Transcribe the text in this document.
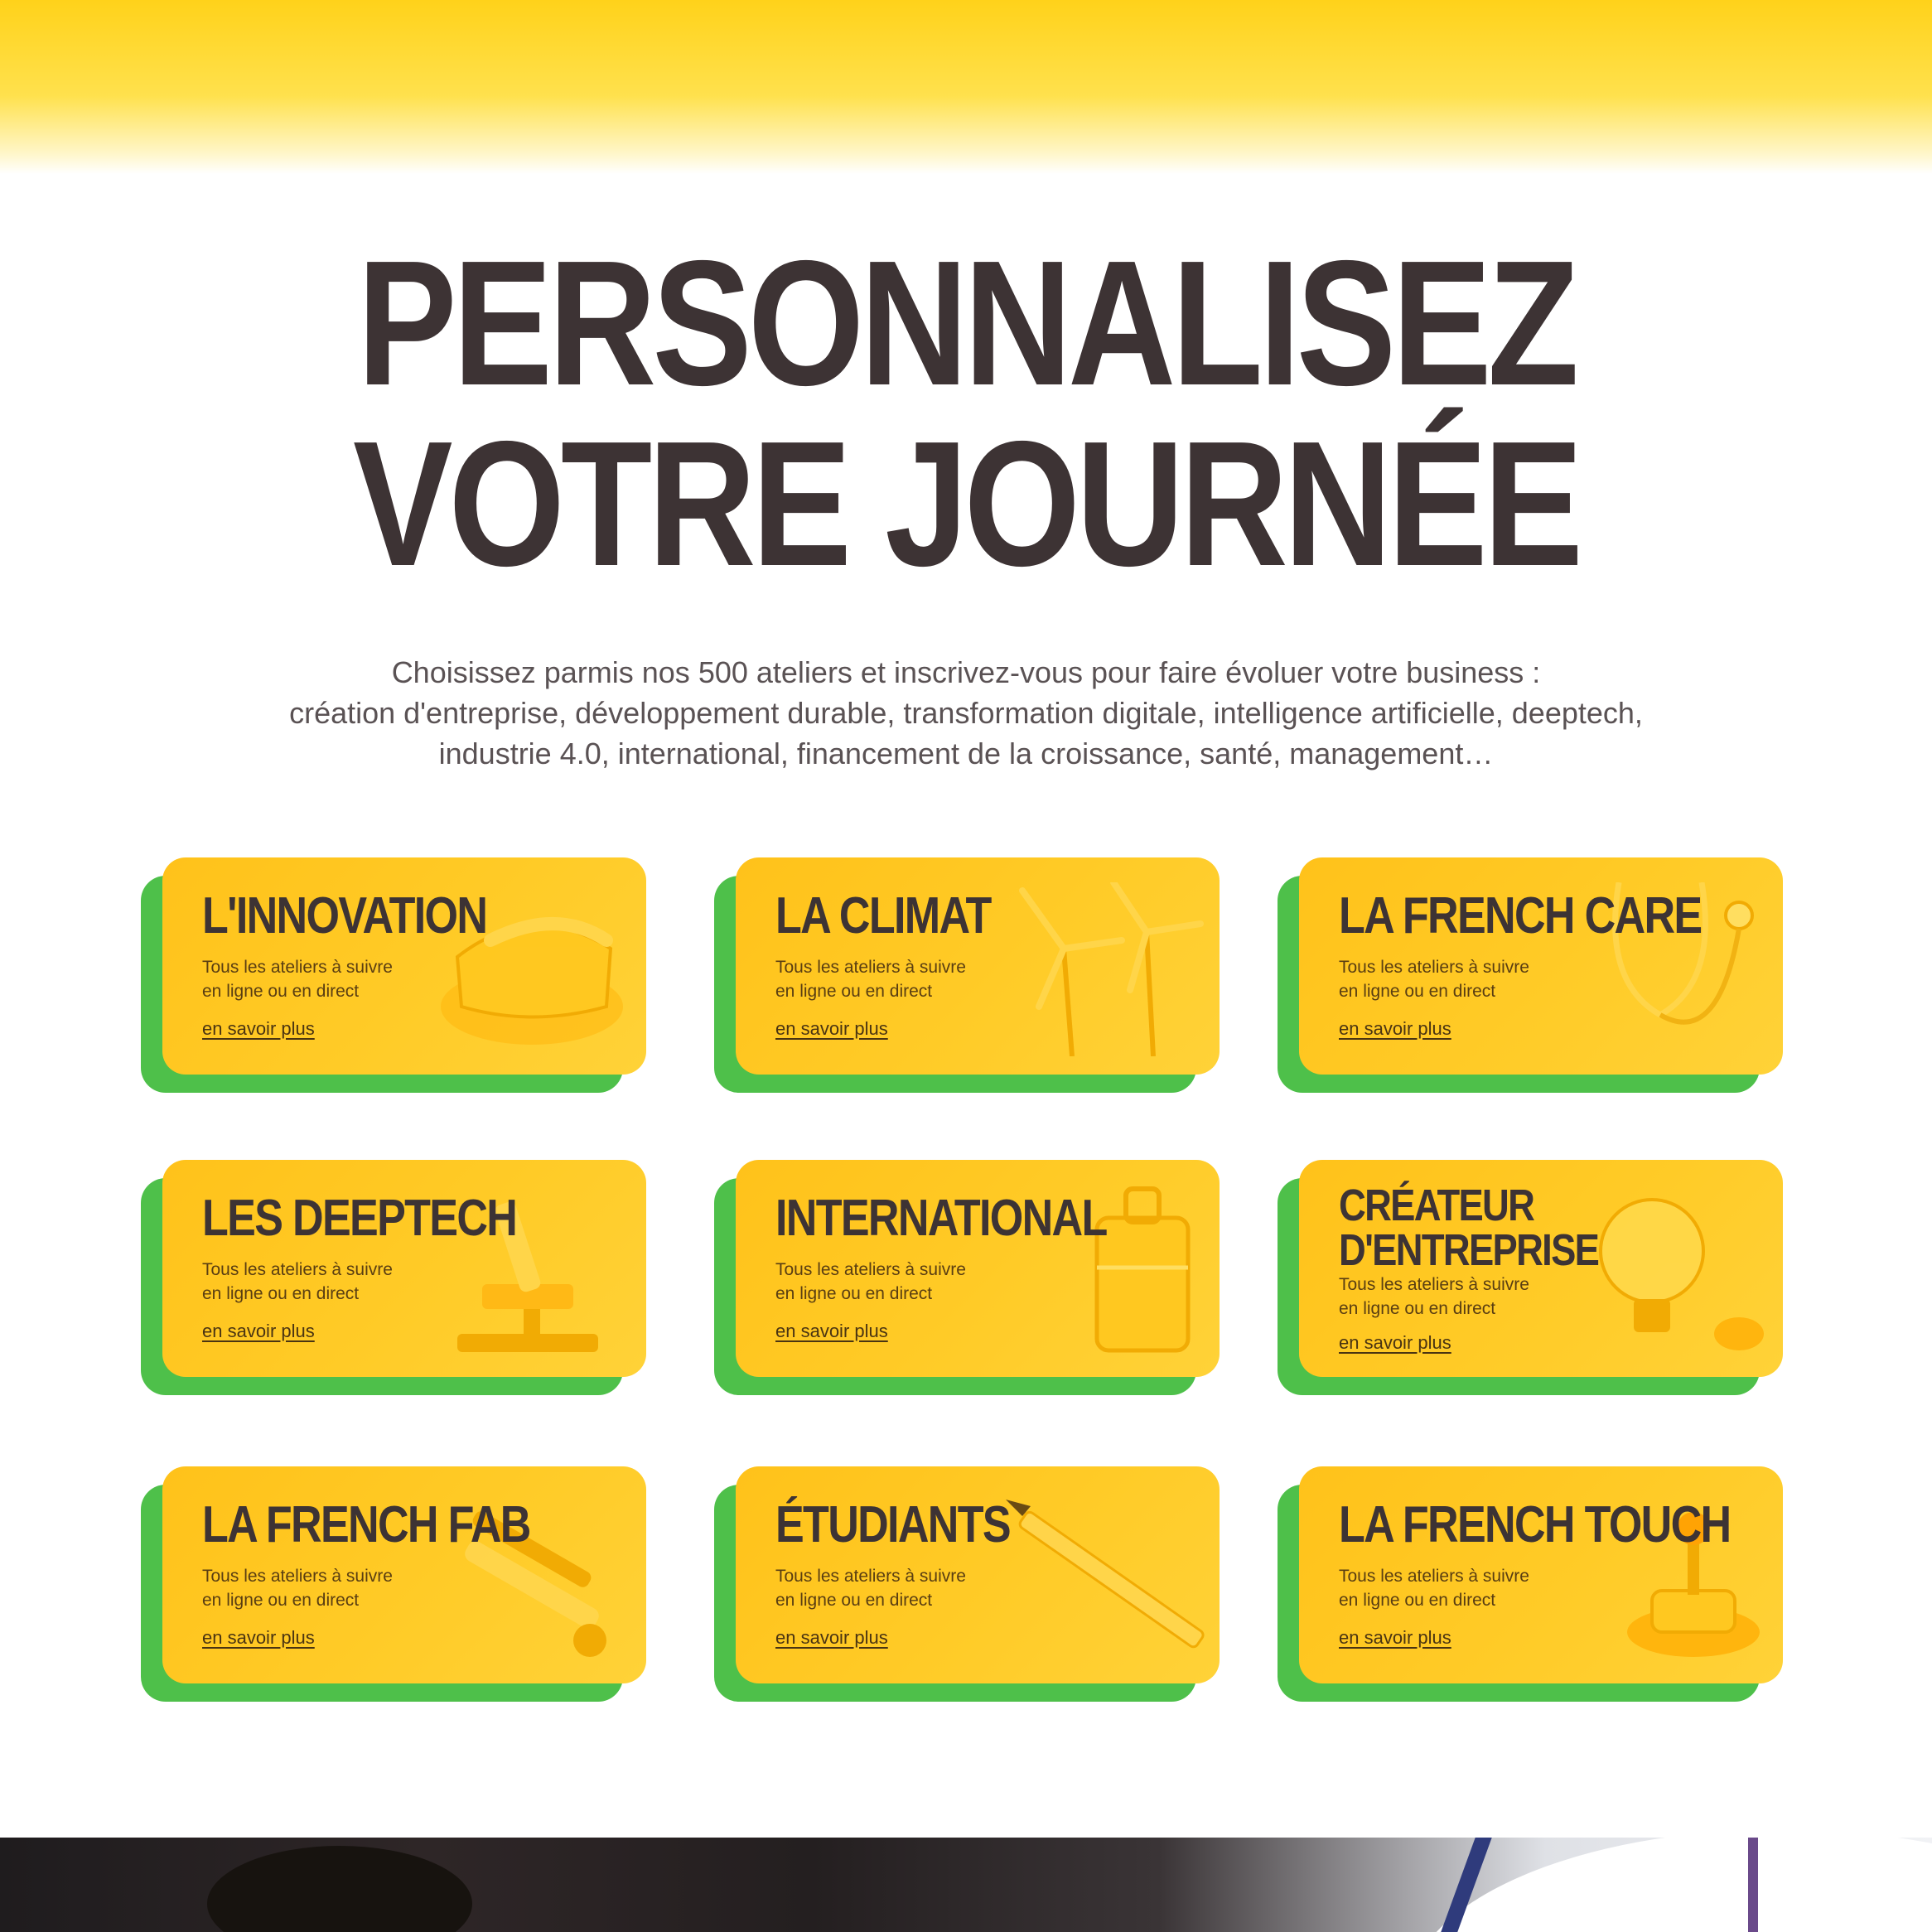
PERSONNALISEZ
VOTRE JOURNÉE

Choisissez parmis nos 500 ateliers et inscrivez-vous pour faire évoluer votre business :

création d'entreprise, développement durable, transformation digitale, intelligence artificielle, deeptech,

industrie 4.0, international, financement de la croissance, santé, management…

L'INNOVATION
Tous les ateliers à suivre
en ligne ou en direct
en savoir plus
LA CLIMAT
Tous les ateliers à suivre
en ligne ou en direct
en savoir plus
LA FRENCH CARE
Tous les ateliers à suivre
en ligne ou en direct
en savoir plus
LES DEEPTECH
Tous les ateliers à suivre
en ligne ou en direct
en savoir plus
INTERNATIONAL
Tous les ateliers à suivre
en ligne ou en direct
en savoir plus
CRÉATEUR
D'ENTREPRISE
Tous les ateliers à suivre
en ligne ou en direct
en savoir plus
LA FRENCH FAB
Tous les ateliers à suivre
en ligne ou en direct
en savoir plus
ÉTUDIANTS
Tous les ateliers à suivre
en ligne ou en direct
en savoir plus
LA FRENCH TOUCH
Tous les ateliers à suivre
en ligne ou en direct
en savoir plus
